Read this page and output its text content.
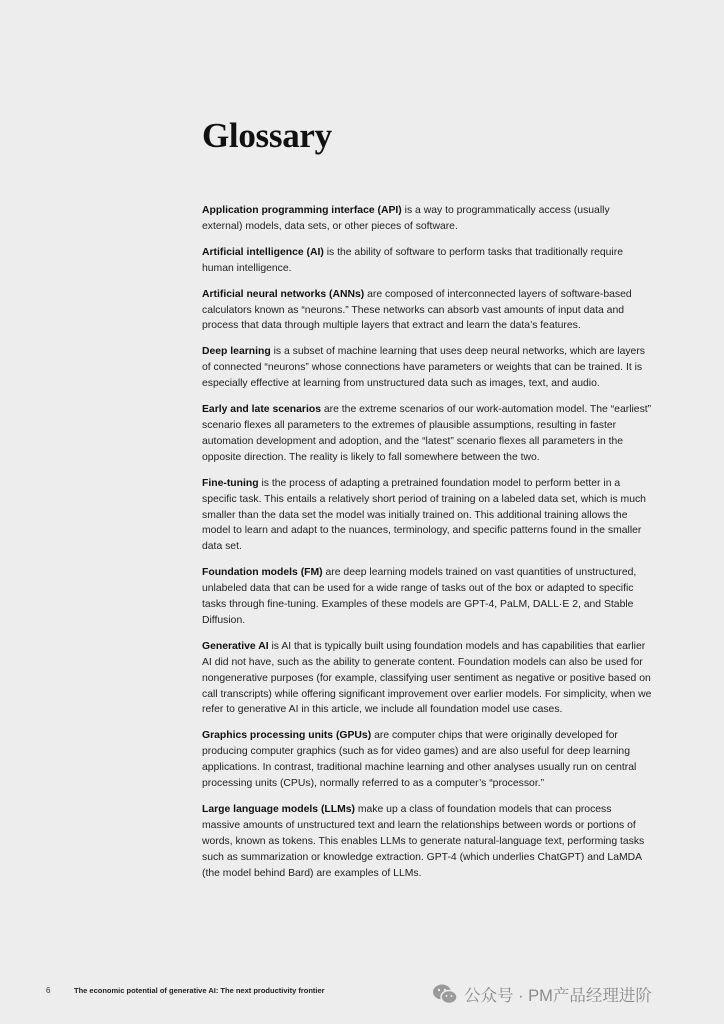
Glossary

Application programming interface (API) is a way to programmatically access (usually external) models, data sets, or other pieces of software.

Artificial intelligence (AI) is the ability of software to perform tasks that traditionally require human intelligence.

Artificial neural networks (ANNs) are composed of interconnected layers of software-based calculators known as “neurons.” These networks can absorb vast amounts of input data and process that data through multiple layers that extract and learn the data’s features.

Deep learning is a subset of machine learning that uses deep neural networks, which are layers of connected “neurons” whose connections have parameters or weights that can be trained. It is especially effective at learning from unstructured data such as images, text, and audio.

Early and late scenarios are the extreme scenarios of our work-automation model. The “earliest” scenario flexes all parameters to the extremes of plausible assumptions, resulting in faster automation development and adoption, and the “latest” scenario flexes all parameters in the opposite direction. The reality is likely to fall somewhere between the two.

Fine-tuning is the process of adapting a pretrained foundation model to perform better in a specific task. This entails a relatively short period of training on a labeled data set, which is much smaller than the data set the model was initially trained on. This additional training allows the model to learn and adapt to the nuances, terminology, and specific patterns found in the smaller data set.

Foundation models (FM) are deep learning models trained on vast quantities of unstructured, unlabeled data that can be used for a wide range of tasks out of the box or adapted to specific tasks through fine-tuning. Examples of these models are GPT-4, PaLM, DALL·E 2, and Stable Diffusion.

Generative AI is AI that is typically built using foundation models and has capabilities that earlier AI did not have, such as the ability to generate content. Foundation models can also be used for nongenerative purposes (for example, classifying user sentiment as negative or positive based on call transcripts) while offering significant improvement over earlier models. For simplicity, when we refer to generative AI in this article, we include all foundation model use cases.

Graphics processing units (GPUs) are computer chips that were originally developed for producing computer graphics (such as for video games) and are also useful for deep learning applications. In contrast, traditional machine learning and other analyses usually run on central processing units (CPUs), normally referred to as a computer’s “processor.”

Large language models (LLMs) make up a class of foundation models that can process massive amounts of unstructured text and learn the relationships between words or portions of words, known as tokens. This enables LLMs to generate natural-language text, performing tasks such as summarization or knowledge extraction. GPT-4 (which underlies ChatGPT) and LaMDA (the model behind Bard) are examples of LLMs.

6	The economic potential of generative AI: The next productivity frontier	公众号 · PM产品经理进阶
